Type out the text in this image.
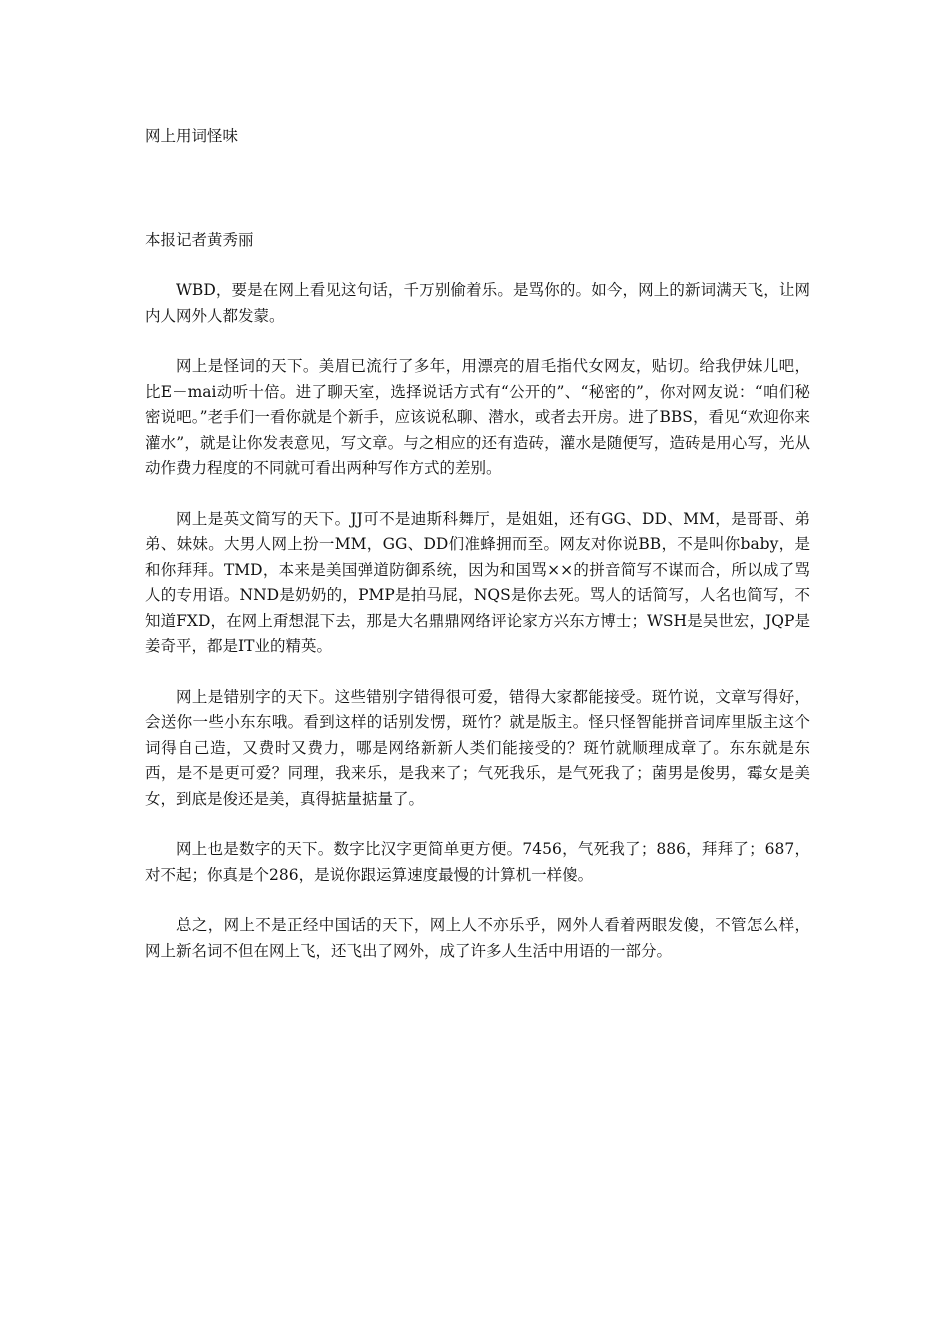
网上用词怪味

本报记者黄秀丽

WBD，要是在网上看见这句话，千万别偷着乐。是骂你的。如今，网上的新词满天飞，让网内人网外人都发蒙。

网上是怪词的天下。美眉已流行了多年，用漂亮的眉毛指代女网友，贴切。给我伊妹儿吧，比E－mai动听十倍。进了聊天室，选择说话方式有“公开的”、“秘密的”，你对网友说：“咱们秘密说吧。”老手们一看你就是个新手，应该说私聊、潜水，或者去开房。进了BBS，看见“欢迎你来灌水”，就是让你发表意见，写文章。与之相应的还有造砖，灌水是随便写，造砖是用心写，光从动作费力程度的不同就可看出两种写作方式的差别。

网上是英文简写的天下。JJ可不是迪斯科舞厅，是姐姐，还有GG、DD、MM，是哥哥、弟弟、妹妹。大男人网上扮一MM，GG、DD们准蜂拥而至。网友对你说BB，不是叫你baby，是和你拜拜。TMD，本来是美国弹道防御系统，因为和国骂××的拼音简写不谋而合，所以成了骂人的专用语。NND是奶奶的，PMP是拍马屁，NQS是你去死。骂人的话简写，人名也简写，不知道FXD，在网上甭想混下去，那是大名鼎鼎网络评论家方兴东方博士；WSH是吴世宏，JQP是姜奇平，都是IT业的精英。

网上是错别字的天下。这些错别字错得很可爱，错得大家都能接受。斑竹说，文章写得好，会送你一些小东东哦。看到这样的话别发愣，斑竹？就是版主。怪只怪智能拼音词库里版主这个词得自己造，又费时又费力，哪是网络新新人类们能接受的？斑竹就顺理成章了。东东就是东西，是不是更可爱？同理，我来乐，是我来了；气死我乐，是气死我了；菌男是俊男，霉女是美女，到底是俊还是美，真得掂量掂量了。

网上也是数字的天下。数字比汉字更简单更方便。7456，气死我了；886，拜拜了；687，对不起；你真是个286，是说你跟运算速度最慢的计算机一样傻。

总之，网上不是正经中国话的天下，网上人不亦乐乎，网外人看着两眼发傻，不管怎么样，网上新名词不但在网上飞，还飞出了网外，成了许多人生活中用语的一部分。
